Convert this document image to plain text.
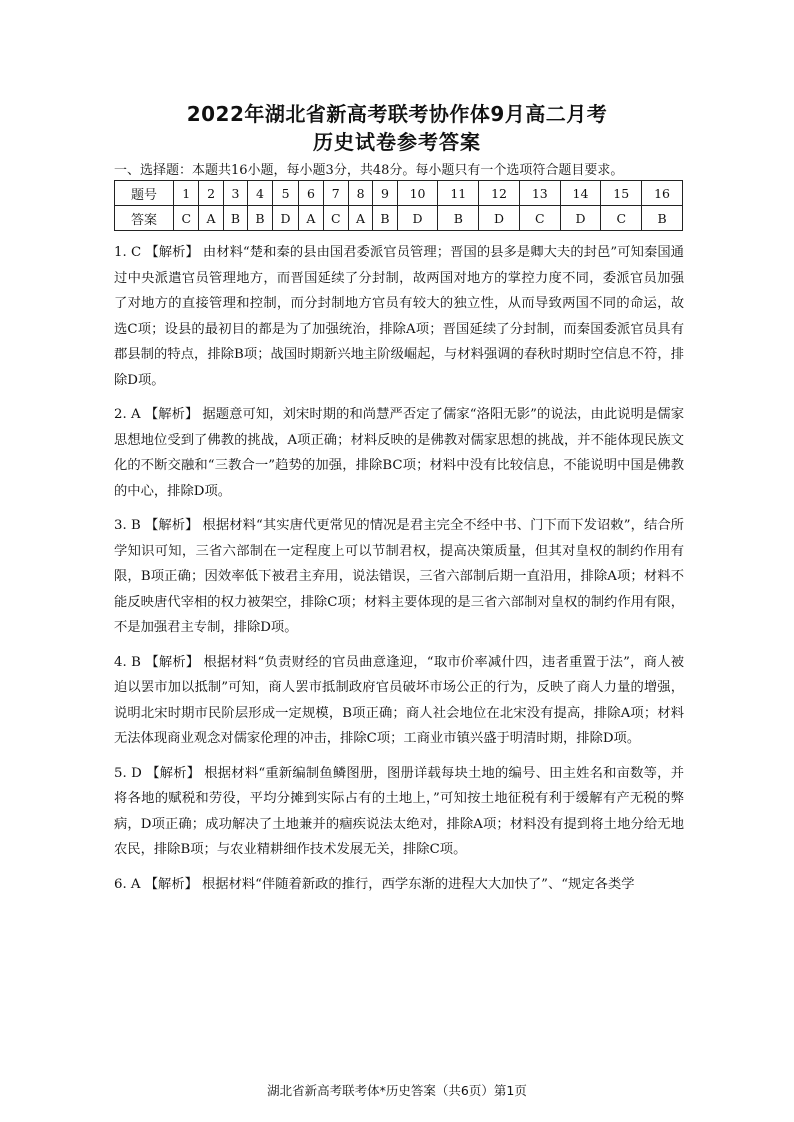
2022年湖北省新高考联考协作体9月高二月考
历史试卷参考答案
一、选择题：本题共16小题，每小题3分，共48分。每小题只有一个选项符合题目要求。
题号	1	2	3	4	5	6	7	8	9	10	11	12	13	14	15	16
答案	C	A	B	B	D	A	C	A	B	D	B	D	C	D	C	B

1. C 【解析】 由材料“楚和秦的县由国君委派官员管理；晋国的县多是卿大夫的封邑”可知秦国通过中央派遣官员管理地方，而晋国延续了分封制，故两国对地方的掌控力度不同，委派官员加强了对地方的直接管理和控制，而分封制地方官员有较大的独立性，从而导致两国不同的命运，故选C项；设县的最初目的都是为了加强统治，排除A项；晋国延续了分封制，而秦国委派官员具有郡县制的特点，排除B项；战国时期新兴地主阶级崛起，与材料强调的春秋时期时空信息不符，排除D项。

2. A 【解析】 据题意可知，刘宋时期的和尚慧严否定了儒家“洛阳无影”的说法，由此说明是儒家思想地位受到了佛教的挑战，A项正确；材料反映的是佛教对儒家思想的挑战，并不能体现民族文化的不断交融和“三教合一”趋势的加强，排除BC项；材料中没有比较信息，不能说明中国是佛教的中心，排除D项。

3. B 【解析】 根据材料“其实唐代更常见的情况是君主完全不经中书、门下而下发诏敕”，结合所学知识可知，三省六部制在一定程度上可以节制君权，提高决策质量，但其对皇权的制约作用有限，B项正确；因效率低下被君主弃用，说法错误，三省六部制后期一直沿用，排除A项；材料不能反映唐代宰相的权力被架空，排除C项；材料主要体现的是三省六部制对皇权的制约作用有限，不是加强君主专制，排除D项。

4. B 【解析】 根据材料“负责财经的官员曲意逢迎，“取市价率减什四，违者重置于法”，商人被迫以罢市加以抵制”可知，商人罢市抵制政府官员破坏市场公正的行为，反映了商人力量的增强，说明北宋时期市民阶层形成一定规模，B项正确；商人社会地位在北宋没有提高，排除A项；材料无法体现商业观念对儒家伦理的冲击，排除C项；工商业市镇兴盛于明清时期，排除D项。

5. D 【解析】 根据材料“重新编制鱼鳞图册，图册详载每块土地的编号、田主姓名和亩数等，并将各地的赋税和劳役，平均分摊到实际占有的土地上，”可知按土地征税有利于缓解有产无税的弊病，D项正确；成功解决了土地兼并的痼疾说法太绝对，排除A项；材料没有提到将土地分给无地农民，排除B项；与农业精耕细作技术发展无关，排除C项。

6. A 【解析】 根据材料“伴随着新政的推行，西学东渐的进程大大加快了”、“规定各类学

湖北省新高考联考体*历史答案（共6页）第1页
